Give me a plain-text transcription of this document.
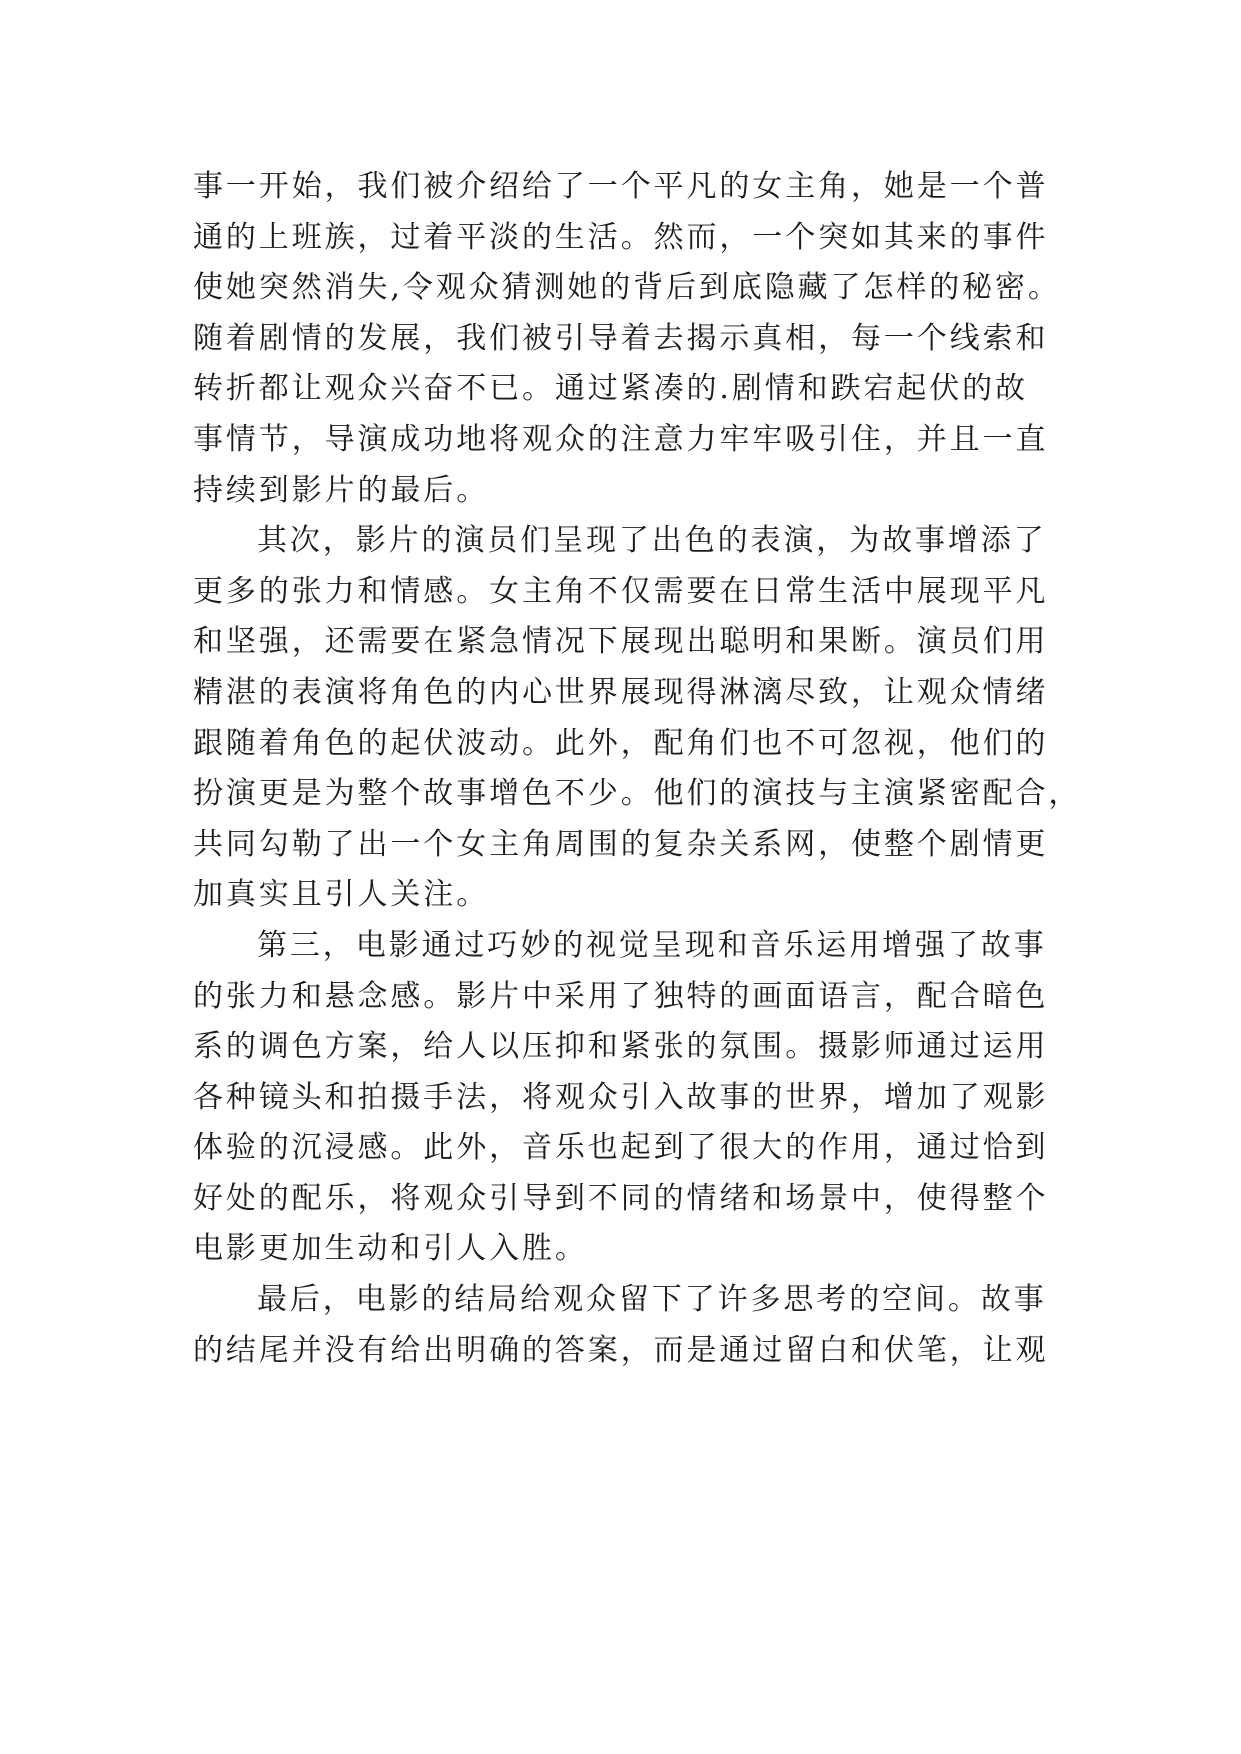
事一开始，我们被介绍给了一个平凡的女主角，她是一个普
通的上班族，过着平淡的生活。然而，一个突如其来的事件
使她突然消失,令观众猜测她的背后到底隐藏了怎样的秘密。
随着剧情的发展，我们被引导着去揭示真相，每一个线索和
转折都让观众兴奋不已。通过紧凑的.剧情和跌宕起伏的故
事情节，导演成功地将观众的注意力牢牢吸引住，并且一直
持续到影片的最后。
其次，影片的演员们呈现了出色的表演，为故事增添了
更多的张力和情感。女主角不仅需要在日常生活中展现平凡
和坚强，还需要在紧急情况下展现出聪明和果断。演员们用
精湛的表演将角色的内心世界展现得淋漓尽致，让观众情绪
跟随着角色的起伏波动。此外，配角们也不可忽视，他们的
扮演更是为整个故事增色不少。他们的演技与主演紧密配合，
共同勾勒了出一个女主角周围的复杂关系网，使整个剧情更
加真实且引人关注。
第三，电影通过巧妙的视觉呈现和音乐运用增强了故事
的张力和悬念感。影片中采用了独特的画面语言，配合暗色
系的调色方案，给人以压抑和紧张的氛围。摄影师通过运用
各种镜头和拍摄手法，将观众引入故事的世界，增加了观影
体验的沉浸感。此外，音乐也起到了很大的作用，通过恰到
好处的配乐，将观众引导到不同的情绪和场景中，使得整个
电影更加生动和引人入胜。
最后，电影的结局给观众留下了许多思考的空间。故事
的结尾并没有给出明确的答案，而是通过留白和伏笔，让观
